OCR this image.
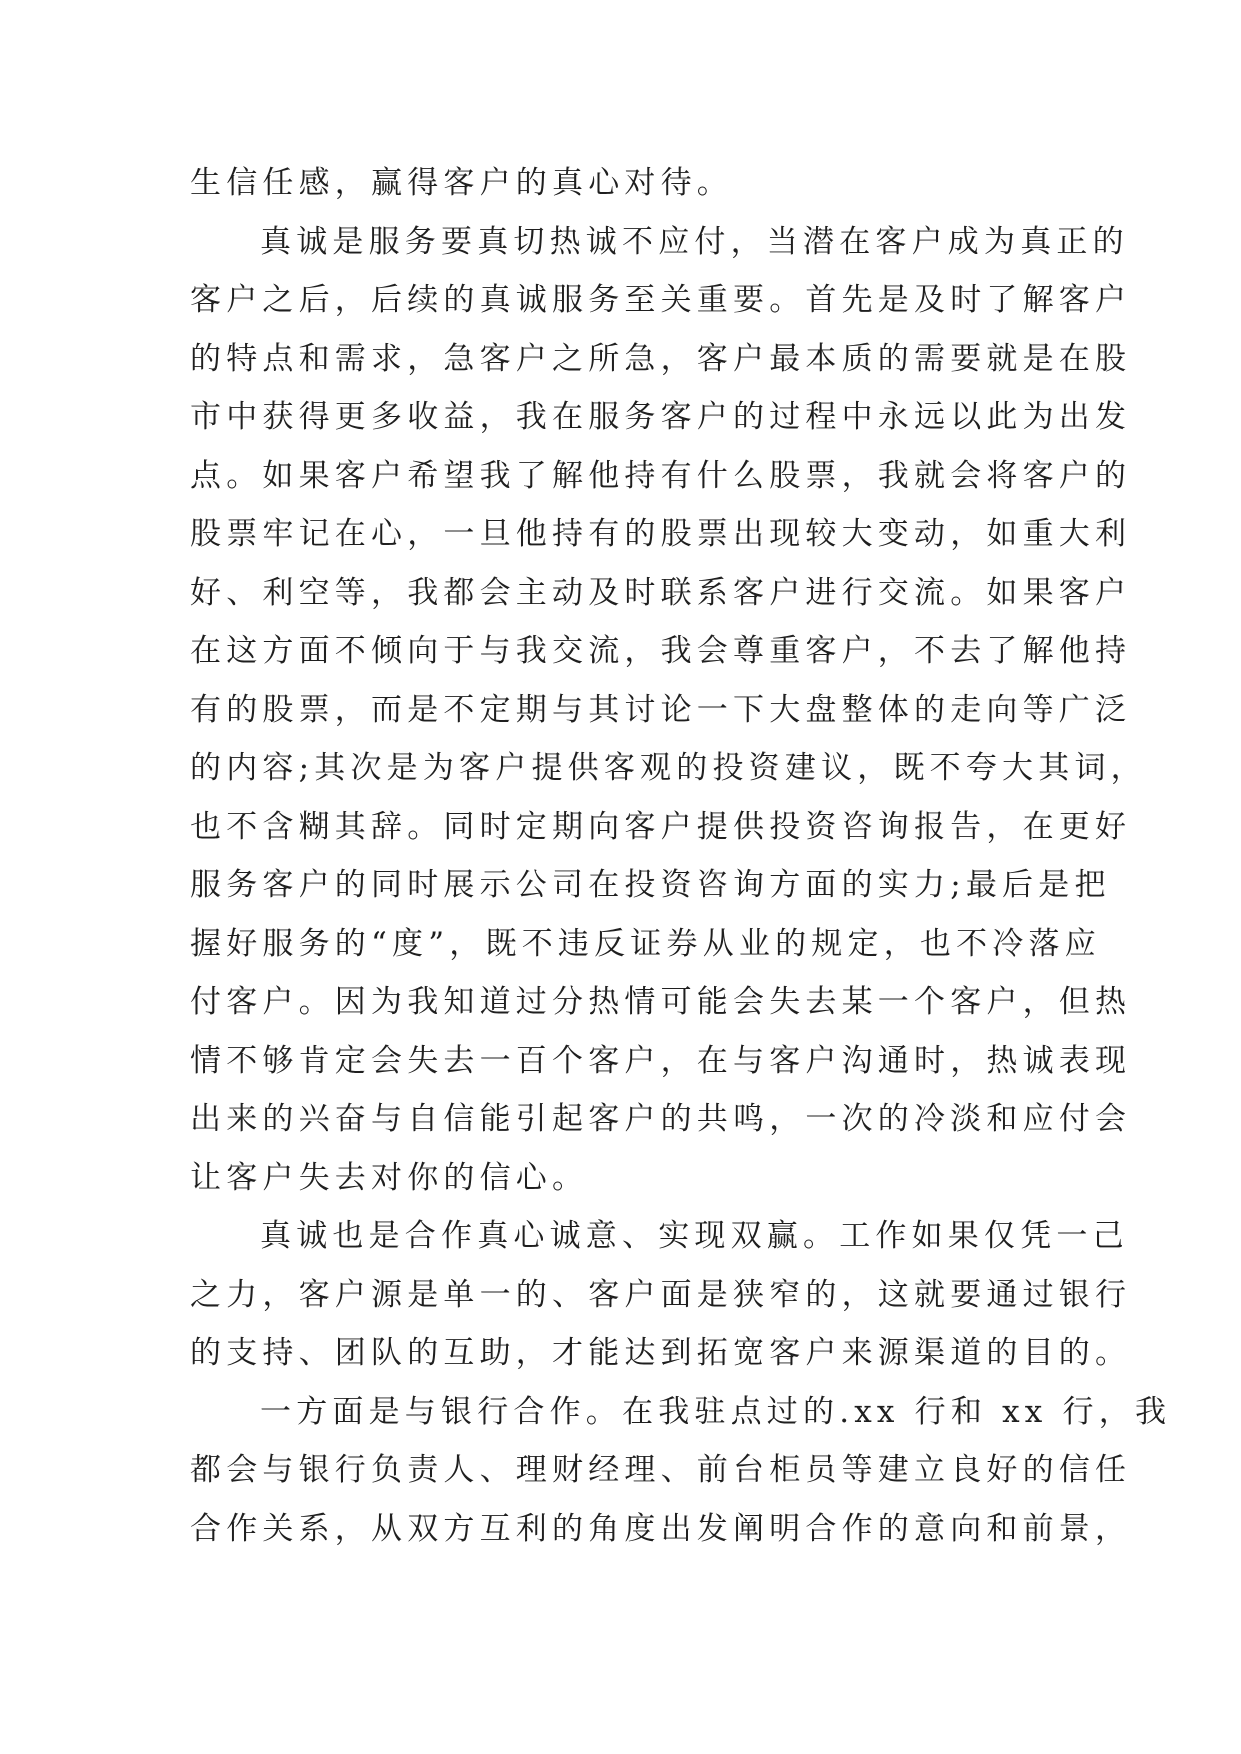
生信任感，赢得客户的真心对待。
真诚是服务要真切热诚不应付，当潜在客户成为真正的
客户之后，后续的真诚服务至关重要。首先是及时了解客户
的特点和需求，急客户之所急，客户最本质的需要就是在股
市中获得更多收益，我在服务客户的过程中永远以此为出发
点。如果客户希望我了解他持有什么股票，我就会将客户的
股票牢记在心，一旦他持有的股票出现较大变动，如重大利
好、利空等，我都会主动及时联系客户进行交流。如果客户
在这方面不倾向于与我交流，我会尊重客户，不去了解他持
有的股票，而是不定期与其讨论一下大盘整体的走向等广泛
的内容;其次是为客户提供客观的投资建议，既不夸大其词，
也不含糊其辞。同时定期向客户提供投资咨询报告，在更好
服务客户的同时展示公司在投资咨询方面的实力;最后是把
握好服务的“度”，既不违反证券从业的规定，也不冷落应
付客户。因为我知道过分热情可能会失去某一个客户，但热
情不够肯定会失去一百个客户，在与客户沟通时，热诚表现
出来的兴奋与自信能引起客户的共鸣，一次的冷淡和应付会
让客户失去对你的信心。
真诚也是合作真心诚意、实现双赢。工作如果仅凭一己
之力，客户源是单一的、客户面是狭窄的，这就要通过银行
的支持、团队的互助，才能达到拓宽客户来源渠道的目的。
一方面是与银行合作。在我驻点过的.xx 行和 xx 行，我
都会与银行负责人、理财经理、前台柜员等建立良好的信任
合作关系，从双方互利的角度出发阐明合作的意向和前景，
